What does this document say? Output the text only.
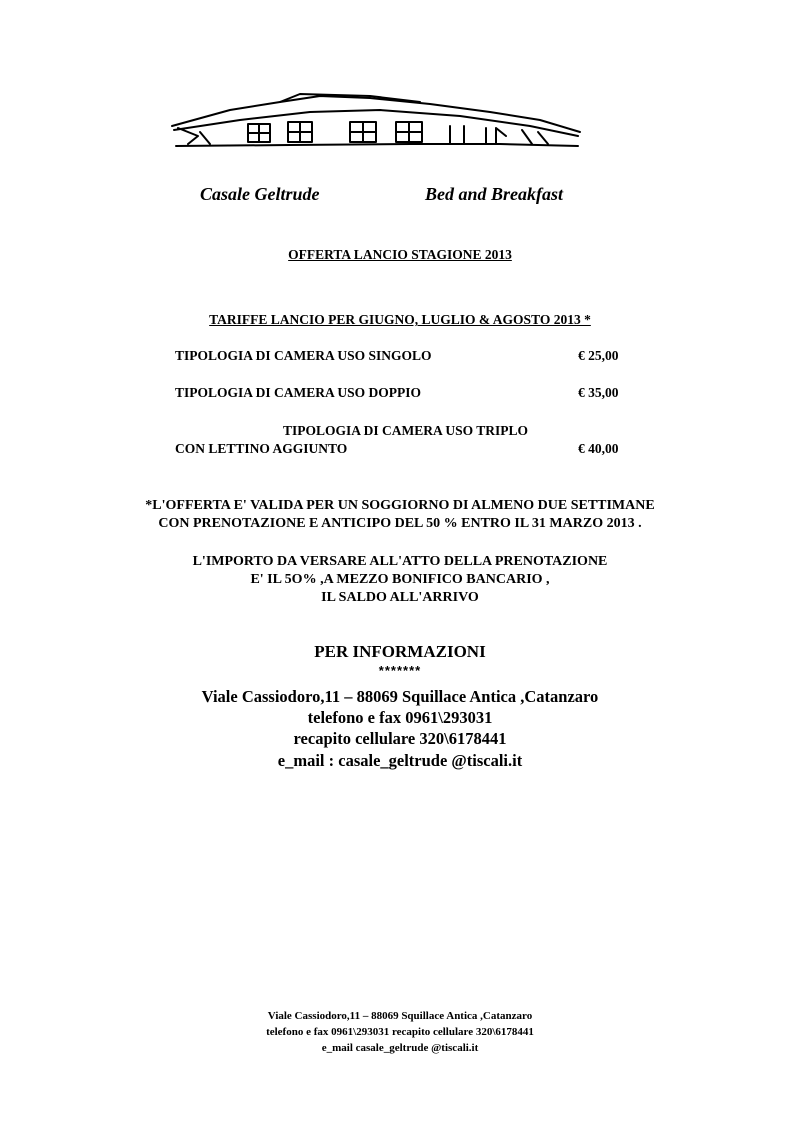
Casale Geltrude	Bed and Breakfast
OFFERTA LANCIO STAGIONE 2013
TARIFFE LANCIO PER GIUGNO, LUGLIO & AGOSTO 2013 *
TIPOLOGIA DI CAMERA USO SINGOLO	€ 25,00
TIPOLOGIA DI CAMERA USO DOPPIO	€ 35,00
TIPOLOGIA DI CAMERA USO TRIPLO
CON LETTINO AGGIUNTO	€ 40,00
*L'OFFERTA E' VALIDA PER UN SOGGIORNO DI ALMENO DUE SETTIMANE
CON PRENOTAZIONE E ANTICIPO DEL 50 % ENTRO IL 31 MARZO 2013 .
L'IMPORTO DA VERSARE ALL'ATTO DELLA PRENOTAZIONE
E' IL 5O% ,A MEZZO BONIFICO BANCARIO ,
IL SALDO ALL'ARRIVO
PER INFORMAZIONI
*******
Viale Cassiodoro,11 – 88069 Squillace Antica ,Catanzaro
telefono e fax 0961\293031
recapito cellulare 320\6178441
e_mail : casale_geltrude @tiscali.it
Viale Cassiodoro,11 – 88069 Squillace Antica ,Catanzaro
telefono e fax 0961\293031 recapito cellulare 320\6178441
e_mail casale_geltrude @tiscali.it
